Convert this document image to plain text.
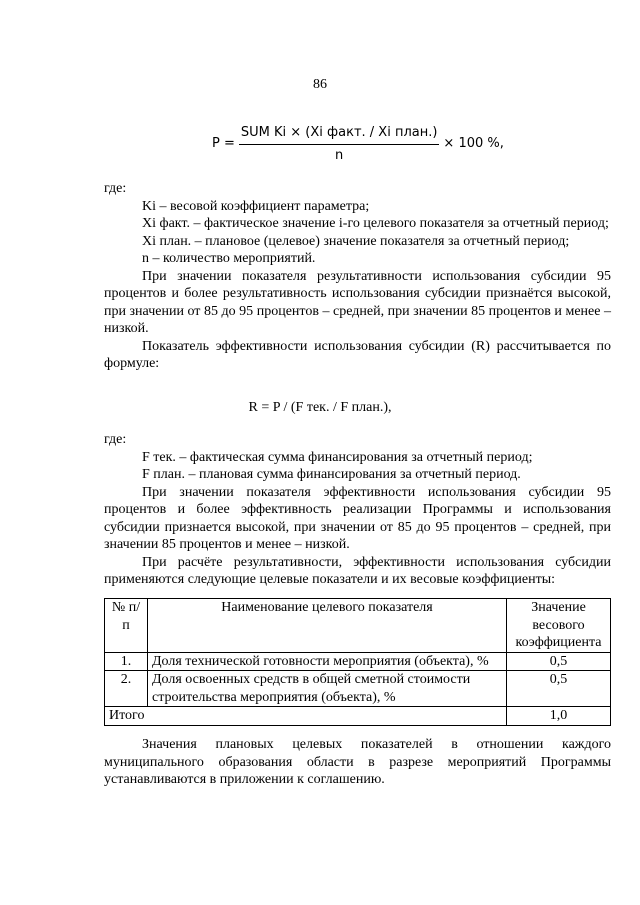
86
$P = \frac{\text{SUM Ki × (Xi факт. / Xi план.)}}{n} \times 100$ %,

где:

Ki – весовой коэффициент параметра;

Xi факт. – фактическое значение i-го целевого показателя за отчетный период;

Xi план. – плановое (целевое) значение показателя за отчетный период;

n – количество мероприятий.

При значении показателя результативности использования субсидии 95 процентов и более результативность использования субсидии признаётся высокой, при значении от 85 до 95 процентов – средней, при значении 85 процентов и менее – низкой.

Показатель эффективности использования субсидии (R) рассчитывается по формуле:

R = P / (F тек. / F план.),

где:

F тек. – фактическая сумма финансирования за отчетный период;

F план. – плановая сумма финансирования за отчетный период.

При значении показателя эффективности использования субсидии 95 процентов и более эффективность реализации Программы и использования субсидии признается высокой, при значении от 85 до 95 процентов – средней, при значении 85 процентов и менее – низкой.

При расчёте результативности, эффективности использования субсидии применяются следующие целевые показатели и их весовые коэффициенты:

№ п/п	Наименование целевого показателя	Значение весового коэффициента
1.	Доля технической готовности мероприятия (объекта), %	0,5
2.	Доля освоенных средств в общей сметной стоимости строительства мероприятия (объекта), %	0,5
Итого		1,0

Значения плановых целевых показателей в отношении каждого муниципального образования области в разрезе мероприятий Программы устанавливаются в приложении к соглашению.
